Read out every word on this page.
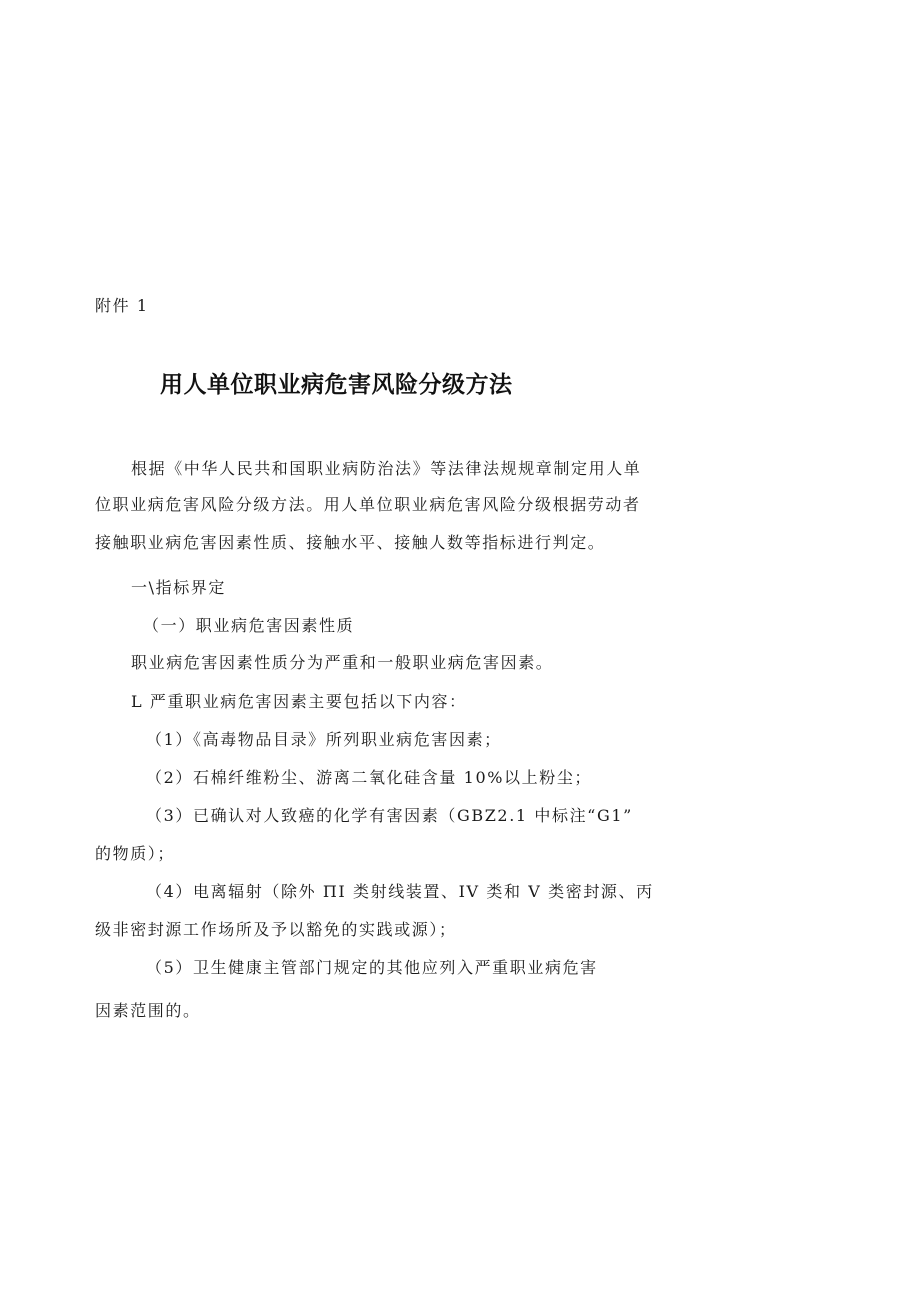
附件 1
用人单位职业病危害风险分级方法
根据《中华人民共和国职业病防治法》等法律法规规章制定用人单
位职业病危害风险分级方法。用人单位职业病危害风险分级根据劳动者
接触职业病危害因素性质、接触水平、接触人数等指标进行判定。
一\指标界定
（一）职业病危害因素性质
职业病危害因素性质分为严重和一般职业病危害因素。
L 严重职业病危害因素主要包括以下内容：
（1）《高毒物品目录》所列职业病危害因素；
（2）石棉纤维粉尘、游离二氧化硅含量 10%以上粉尘；
（3）已确认对人致癌的化学有害因素（GBZ2.1 中标注“G1”
的物质）；
（4）电离辐射（除外 ΠI 类射线装置、IV 类和 V 类密封源、丙
级非密封源工作场所及予以豁免的实践或源）；
（5）卫生健康主管部门规定的其他应列入严重职业病危害
因素范围的。
